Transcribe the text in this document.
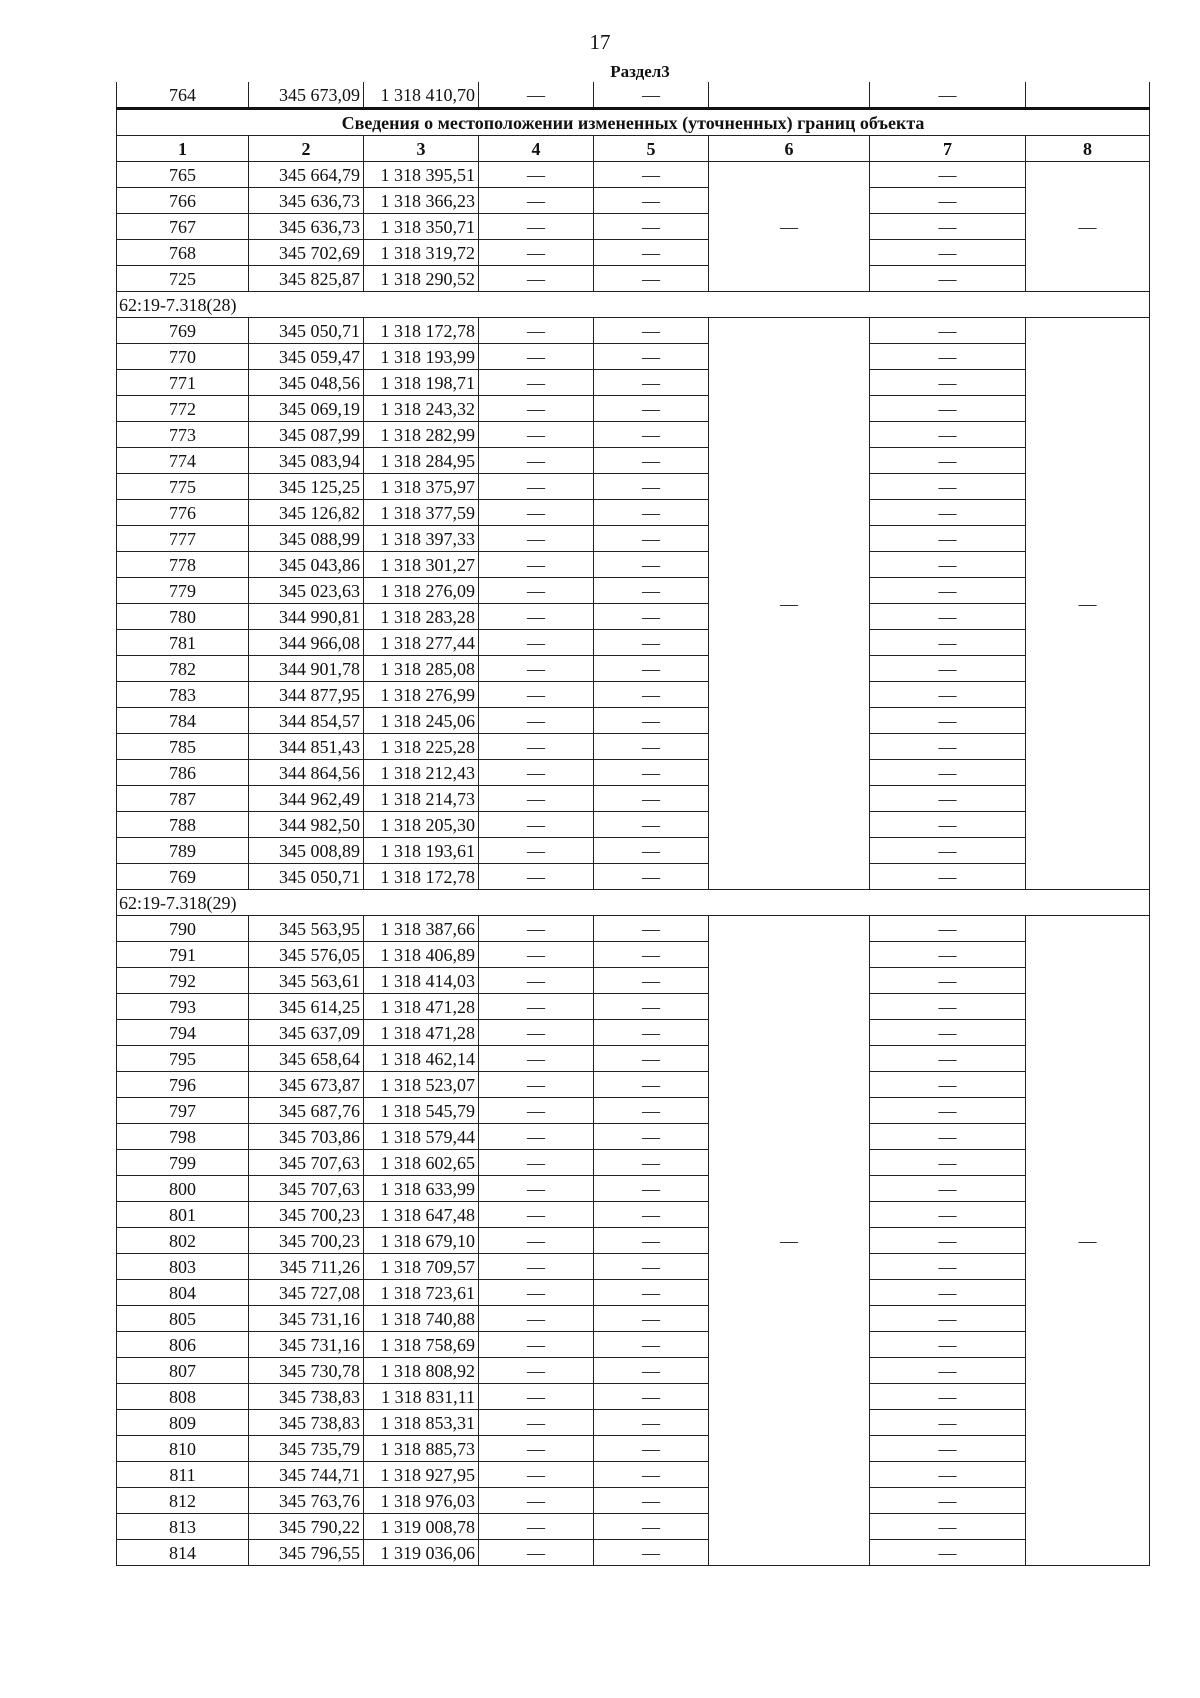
17
Раздел3
764	345 673,09	1 318 410,70	—	—		—	
Сведения о местоположении измененных (уточненных) границ объекта							
1	2	3	4	5	6	7	8
765	345 664,79	1 318 395,51	—	—	—	—	—
766	345 636,73	1 318 366,23	—	—		—	
767	345 636,73	1 318 350,71	—	—		—	
768	345 702,69	1 318 319,72	—	—		—	
725	345 825,87	1 318 290,52	—	—		—	
62:19-7.318(28)							
769	345 050,71	1 318 172,78	—	—	—	—	—
770	345 059,47	1 318 193,99	—	—		—	
771	345 048,56	1 318 198,71	—	—		—	
772	345 069,19	1 318 243,32	—	—		—	
773	345 087,99	1 318 282,99	—	—		—	
774	345 083,94	1 318 284,95	—	—		—	
775	345 125,25	1 318 375,97	—	—		—	
776	345 126,82	1 318 377,59	—	—		—	
777	345 088,99	1 318 397,33	—	—		—	
778	345 043,86	1 318 301,27	—	—		—	
779	345 023,63	1 318 276,09	—	—		—	
780	344 990,81	1 318 283,28	—	—		—	
781	344 966,08	1 318 277,44	—	—		—	
782	344 901,78	1 318 285,08	—	—		—	
783	344 877,95	1 318 276,99	—	—		—	
784	344 854,57	1 318 245,06	—	—		—	
785	344 851,43	1 318 225,28	—	—		—	
786	344 864,56	1 318 212,43	—	—		—	
787	344 962,49	1 318 214,73	—	—		—	
788	344 982,50	1 318 205,30	—	—		—	
789	345 008,89	1 318 193,61	—	—		—	
769	345 050,71	1 318 172,78	—	—		—	
62:19-7.318(29)							
790	345 563,95	1 318 387,66	—	—	—	—	—
791	345 576,05	1 318 406,89	—	—		—	
792	345 563,61	1 318 414,03	—	—		—	
793	345 614,25	1 318 471,28	—	—		—	
794	345 637,09	1 318 471,28	—	—		—	
795	345 658,64	1 318 462,14	—	—		—	
796	345 673,87	1 318 523,07	—	—		—	
797	345 687,76	1 318 545,79	—	—		—	
798	345 703,86	1 318 579,44	—	—		—	
799	345 707,63	1 318 602,65	—	—		—	
800	345 707,63	1 318 633,99	—	—		—	
801	345 700,23	1 318 647,48	—	—		—	
802	345 700,23	1 318 679,10	—	—		—	
803	345 711,26	1 318 709,57	—	—		—	
804	345 727,08	1 318 723,61	—	—		—	
805	345 731,16	1 318 740,88	—	—		—	
806	345 731,16	1 318 758,69	—	—		—	
807	345 730,78	1 318 808,92	—	—		—	
808	345 738,83	1 318 831,11	—	—		—	
809	345 738,83	1 318 853,31	—	—		—	
810	345 735,79	1 318 885,73	—	—		—	
811	345 744,71	1 318 927,95	—	—		—	
812	345 763,76	1 318 976,03	—	—		—	
813	345 790,22	1 319 008,78	—	—		—	
814	345 796,55	1 319 036,06	—	—		—	
